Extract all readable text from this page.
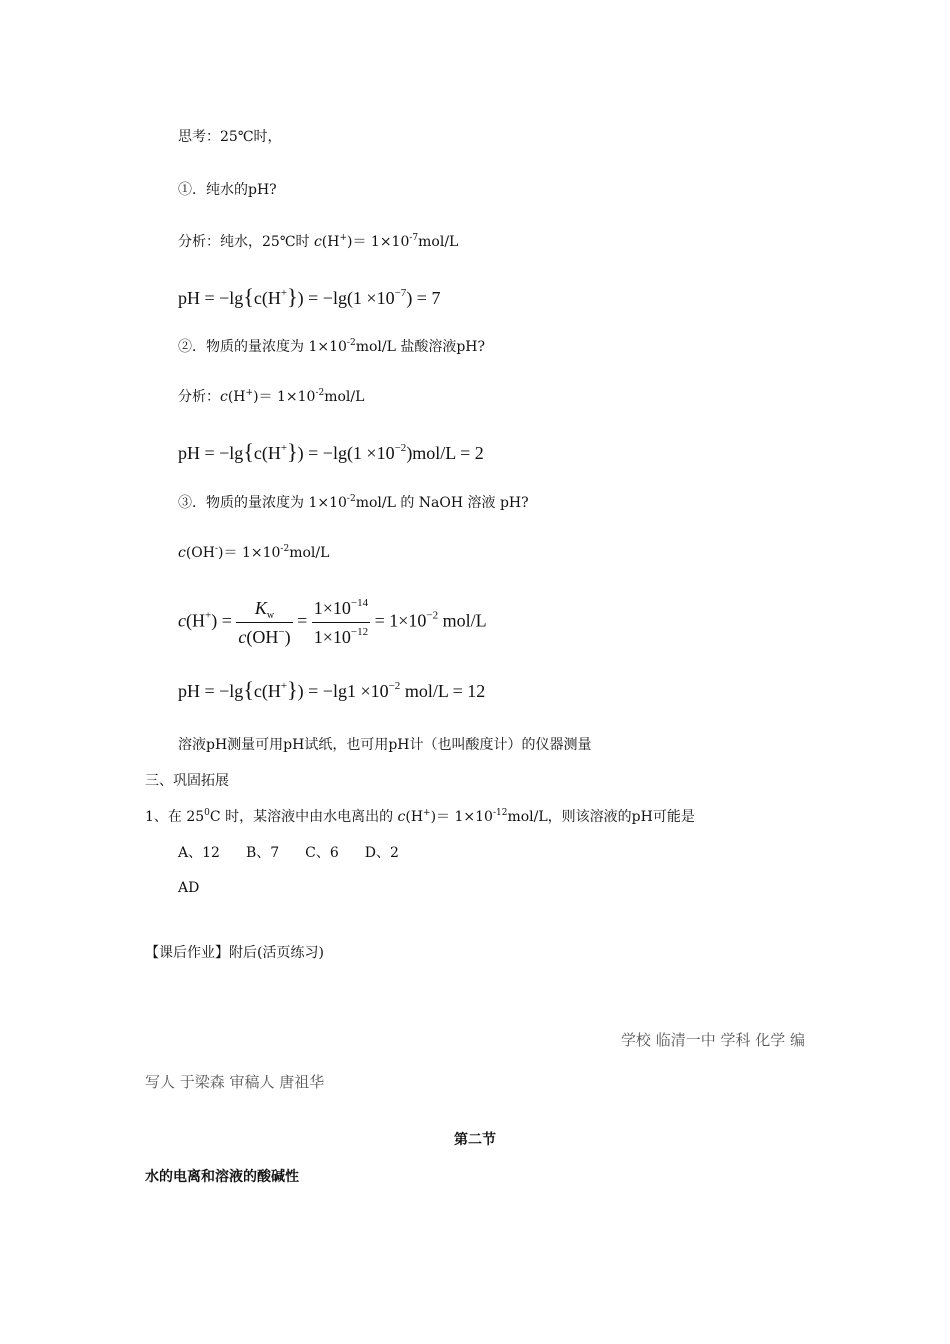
思考：25℃时，
①．纯水的pH?
分析：纯水，25℃时 $c(H^+)= 1\times 10^{-7}mol/L$
pH = $-\lg\{c(H^+\}) = -\lg(1 \times 10^{-7}) = 7$
②．物质的量浓度为 $1\times 10^{-2}mol/L$ 盐酸溶液pH?
分析：$c(H^+)= 1\times 10^{-2}mol/L$
pH = $-\lg\{c(H^+\}) = -\lg(1 \times 10^{-2})mol/L = 2$
③．物质的量浓度为 $1\times 10^{-2}mol/L$ 的 NaOH 溶液 pH?
$c(OH^-)= 1\times 10^{-2}mol/L$
$c(H^+) = \frac{K_w}{c(OH^-)} = \frac{1\times 10^{-14}}{1\times 10^{-12}} = 1\times 10^{-2}$ mol/L
pH = $-\lg\{c(H^+\}) = -\lg 1 \times 10^{-2}$ mol/L = 12
溶液pH测量可用pH试纸，也可用pH计（也叫酸度计）的仪器测量
三、巩固拓展
1、在 $25^0C$ 时，某溶液中由水电离出的 $c(H^+)= 1\times 10^{-12}mol/L$，则该溶液的pH可能是
A、12 B、7 C、6 D、2
AD
【课后作业】附后(活页练习)
学校 临清一中 学科 化学 编
写人 于梁森 审稿人 唐祖华
第二节
水的电离和溶液的酸碱性
